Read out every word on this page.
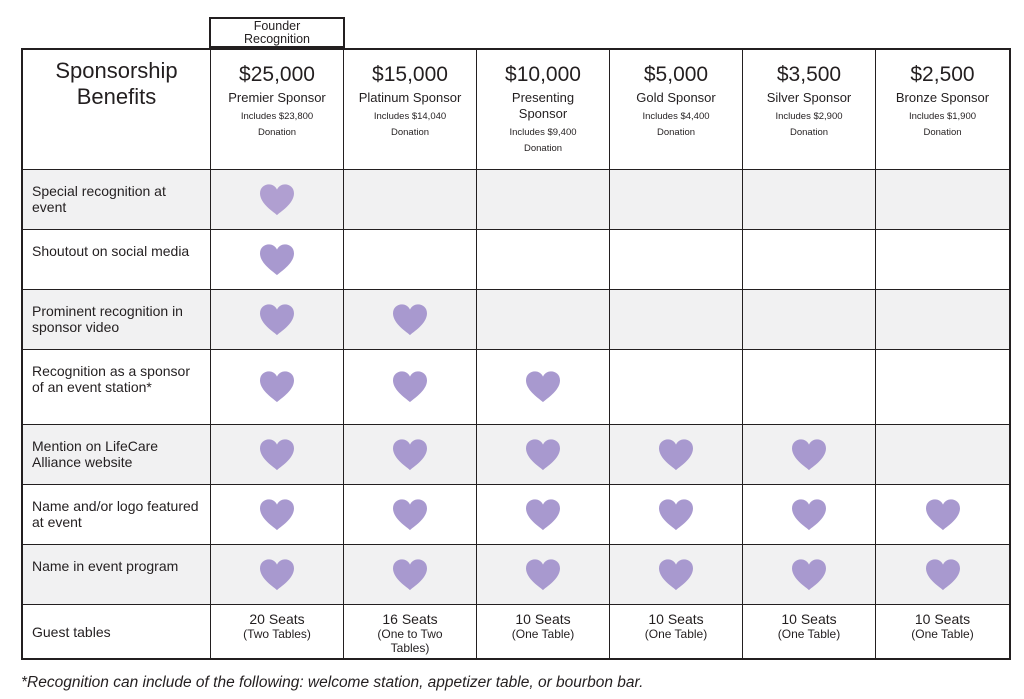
Founder Recognition
Sponsorship Benefits
$25,000
Premier Sponsor
Includes $23,800 Donation
$15,000
Platinum Sponsor
Includes $14,040 Donation
$10,000
Presenting Sponsor
Includes $9,400 Donation
$5,000
Gold Sponsor
Includes $4,400 Donation
$3,500
Silver Sponsor
Includes $2,900 Donation
$2,500
Bronze Sponsor
Includes $1,900 Donation
Special recognition at event
Shoutout on social media
Prominent recognition in sponsor video
Recognition as a sponsor of an event station*
Mention on LifeCare Alliance website
Name and/or logo featured at event
Name in event program
Guest tables
20 Seats
(Two Tables)
16 Seats
(One to Two Tables)
10 Seats
(One Table)
10 Seats
(One Table)
10 Seats
(One Table)
10 Seats
(One Table)
*Recognition can include of the following: welcome station, appetizer table, or bourbon bar.
